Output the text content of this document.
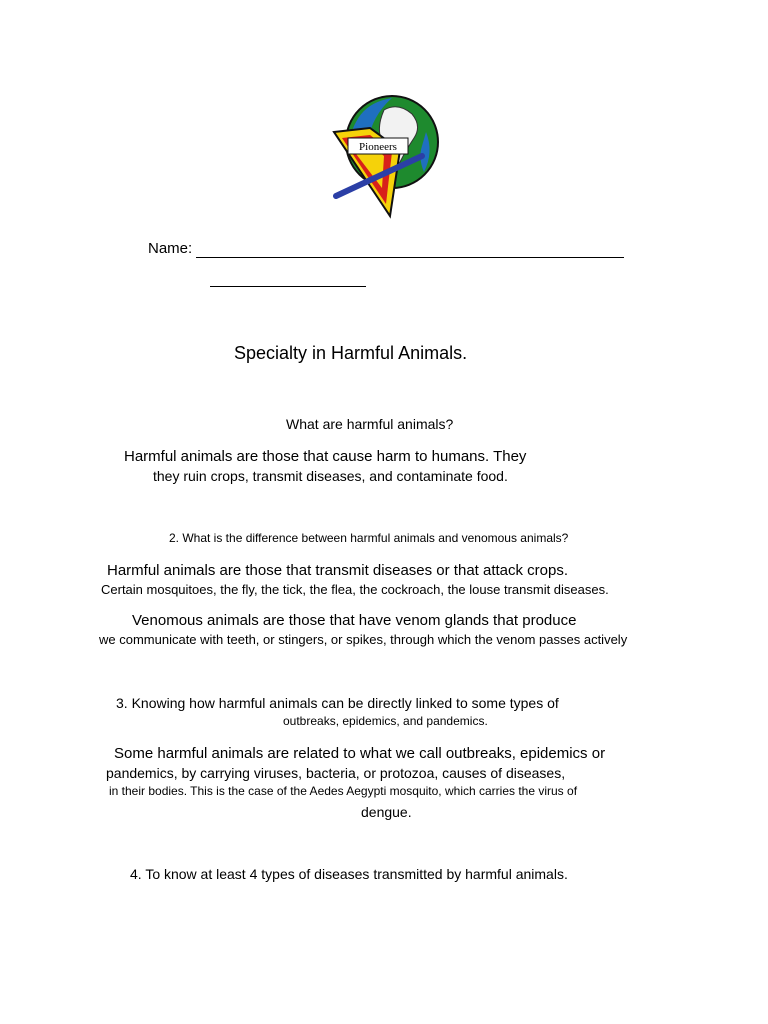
Pioneers
Name:
Specialty in Harmful Animals.
What are harmful animals?
Harmful animals are those that cause harm to humans. They
they ruin crops, transmit diseases, and contaminate food.
2. What is the difference between harmful animals and venomous animals?
Harmful animals are those that transmit diseases or that attack crops.
Certain mosquitoes, the fly, the tick, the flea, the cockroach, the louse transmit diseases.
Venomous animals are those that have venom glands that produce
we communicate with teeth, or stingers, or spikes, through which the venom passes actively
3. Knowing how harmful animals can be directly linked to some types of
outbreaks, epidemics, and pandemics.
Some harmful animals are related to what we call outbreaks, epidemics or
pandemics, by carrying viruses, bacteria, or protozoa, causes of diseases,
in their bodies. This is the case of the Aedes Aegypti mosquito, which carries the virus of
dengue.
4. To know at least 4 types of diseases transmitted by harmful animals.
